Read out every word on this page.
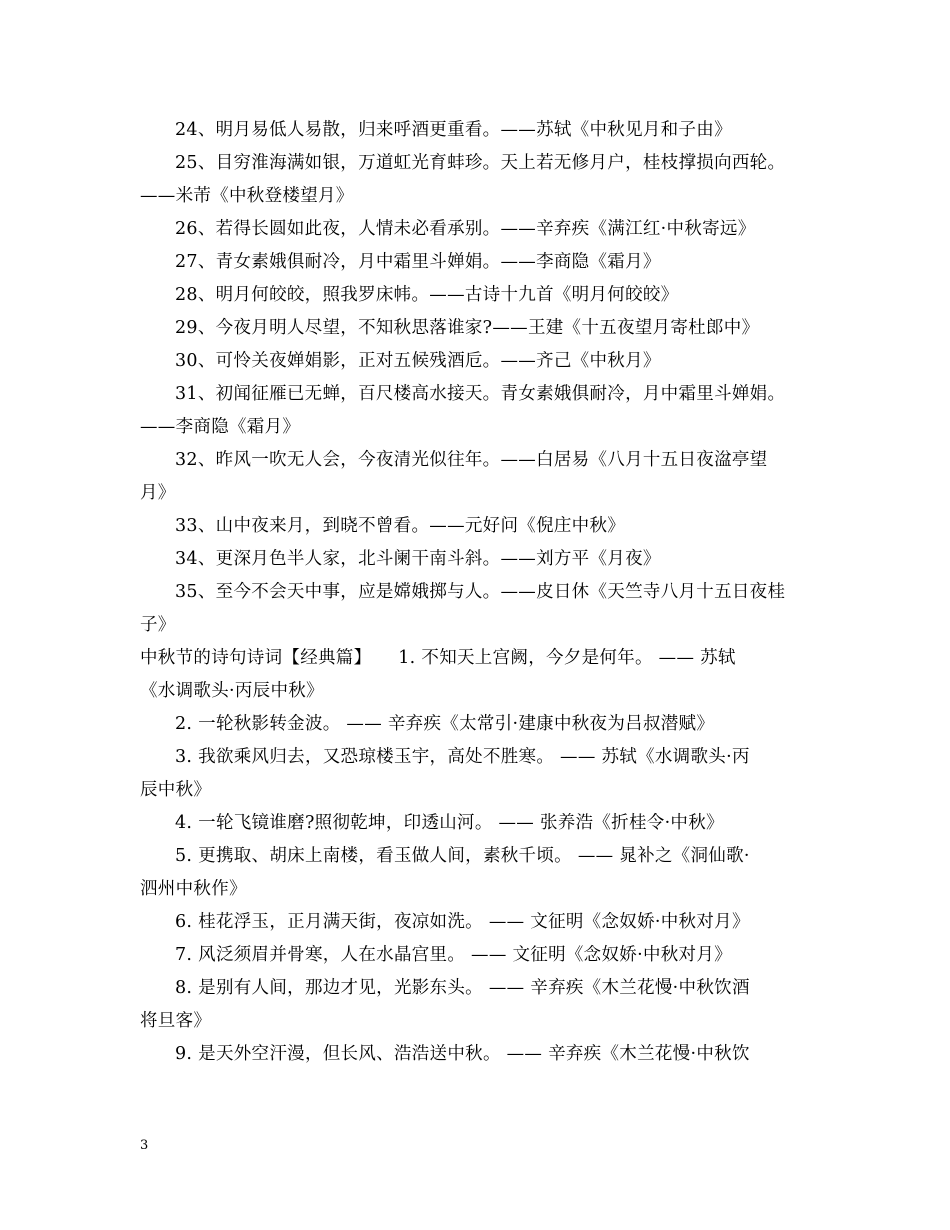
24、明月易低人易散，归来呼酒更重看。——苏轼《中秋见月和子由》
25、目穷淮海满如银，万道虹光育蚌珍。天上若无修月户，桂枝撑损向西轮。
——米芾《中秋登楼望月》
26、若得长圆如此夜，人情未必看承别。——辛弃疾《满江红·中秋寄远》
27、青女素娥俱耐冷，月中霜里斗婵娟。——李商隐《霜月》
28、明月何皎皎，照我罗床帏。——古诗十九首《明月何皎皎》
29、今夜月明人尽望，不知秋思落谁家?——王建《十五夜望月寄杜郎中》
30、可怜关夜婵娟影，正对五候残酒卮。——齐己《中秋月》
31、初闻征雁已无蝉，百尺楼高水接天。青女素娥俱耐冷，月中霜里斗婵娟。
——李商隐《霜月》
32、昨风一吹无人会，今夜清光似往年。——白居易《八月十五日夜湓亭望
月》
33、山中夜来月，到晓不曾看。——元好问《倪庄中秋》
34、更深月色半人家，北斗阑干南斗斜。——刘方平《月夜》
35、至今不会天中事，应是嫦娥掷与人。——皮日休《天竺寺八月十五日夜桂
子》
中秋节的诗句诗词【经典篇】　　1. 不知天上宫阙，今夕是何年。 —— 苏轼
《水调歌头·丙辰中秋》
2. 一轮秋影转金波。 —— 辛弃疾《太常引·建康中秋夜为吕叔潜赋》
3. 我欲乘风归去，又恐琼楼玉宇，高处不胜寒。 —— 苏轼《水调歌头·丙
辰中秋》
4. 一轮飞镜谁磨?照彻乾坤，印透山河。 —— 张养浩《折桂令·中秋》
5. 更携取、胡床上南楼，看玉做人间，素秋千顷。 —— 晁补之《洞仙歌·
泗州中秋作》
6. 桂花浮玉，正月满天街，夜凉如洗。 —— 文征明《念奴娇·中秋对月》
7. 风泛须眉并骨寒，人在水晶宫里。 —— 文征明《念奴娇·中秋对月》
8. 是别有人间，那边才见，光影东头。 —— 辛弃疾《木兰花慢·中秋饮酒
将旦客》
9. 是天外空汗漫，但长风、浩浩送中秋。 —— 辛弃疾《木兰花慢·中秋饮
3
